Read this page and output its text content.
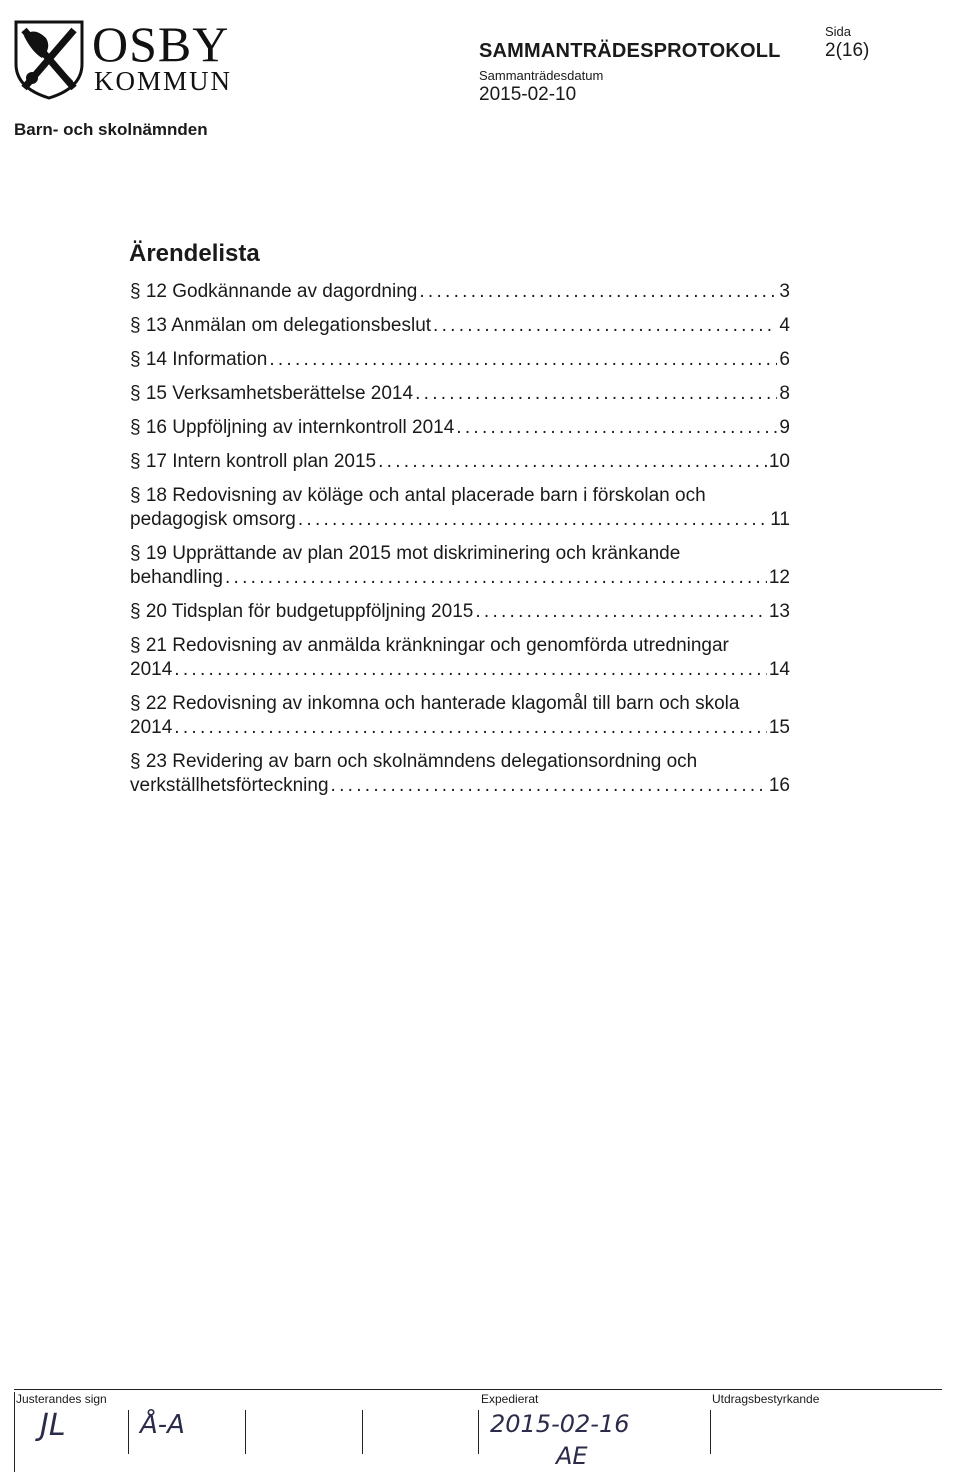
OSBY
KOMMUN
SAMMANTRÄDESPROTOKOLL
Sammanträdesdatum
2015-02-10
Sida
2(16)
Barn- och skolnämnden
Ärendelista
§ 12 Godkännande av dagordning . . .	3
§ 13 Anmälan om delegationsbeslut . . .	4
§ 14 Information . . .	6
§ 15 Verksamhetsberättelse 2014 . . .	8
§ 16 Uppföljning av internkontroll 2014 . . .	9
§ 17 Intern kontroll plan 2015 . . .	10
§ 18 Redovisning av köläge och antal placerade barn i förskolan och
pedagogisk omsorg . . .	11
§ 19 Upprättande av plan 2015 mot diskriminering och kränkande
behandling . . .	12
§ 20 Tidsplan för budgetuppföljning 2015 . . .	13
§ 21 Redovisning av anmälda kränkningar och genomförda utredningar
2014 . . .	14
§ 22 Redovisning av inkomna och hanterade klagomål till barn och skola
2014 . . .	15
§ 23 Revidering av barn och skolnämndens delegationsordning och
verkställhetsförteckning . . .	16
Justerandes sign	Expedierat	Utdragsbestyrkande
JL	Å-A	2015-02-16
AE
